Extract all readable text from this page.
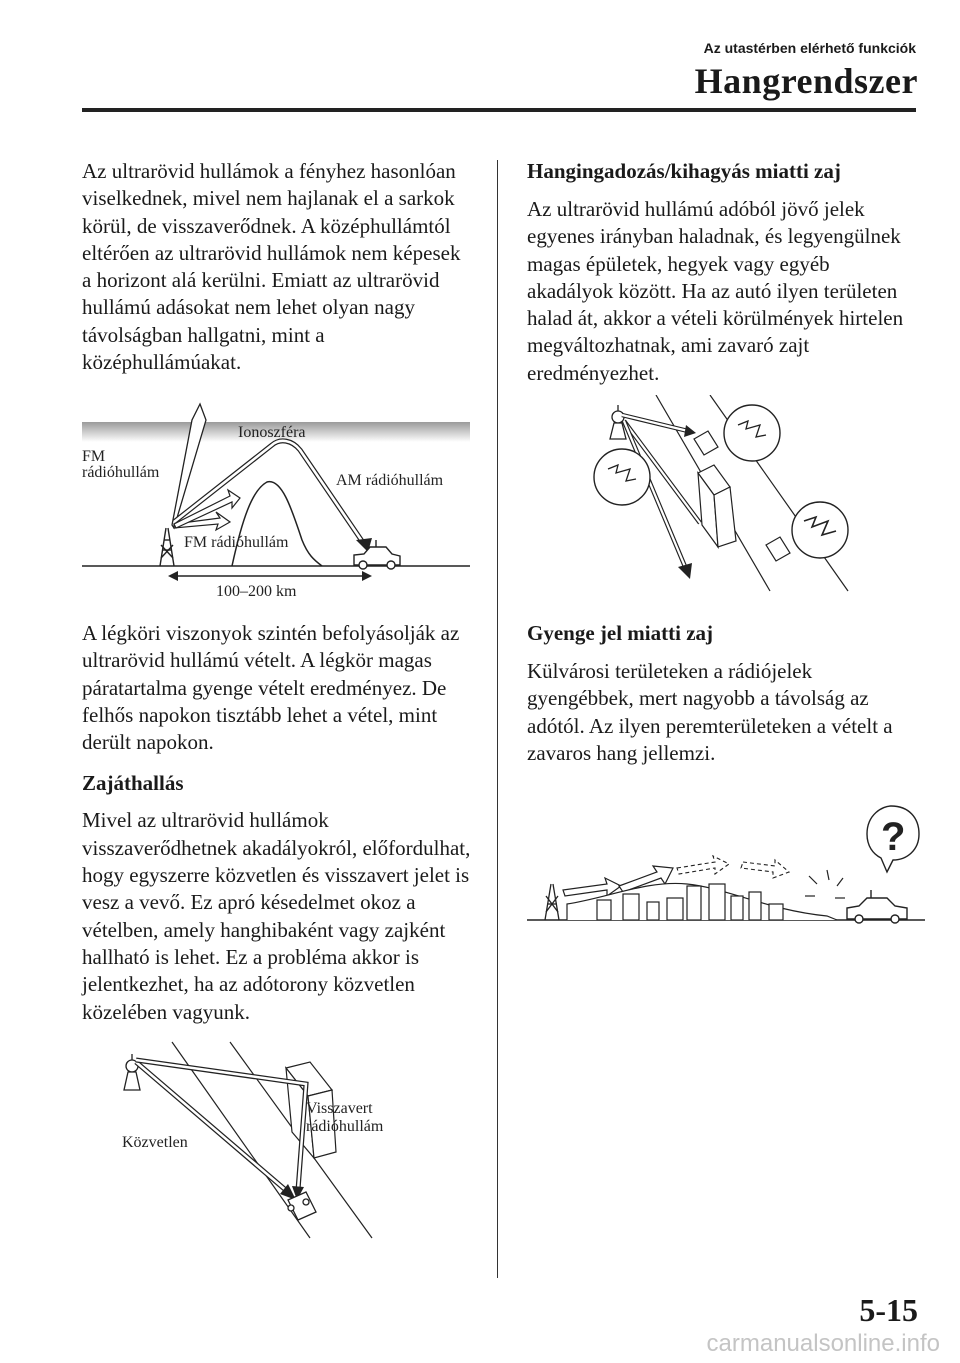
Az utastérben elérhető funkciók
Hangrendszer

Az ultrarövid hullámok a fényhez hasonlóan viselkednek, mivel nem hajlanak el a sarkok körül, de visszaverődnek. A középhullámtól eltérően az ultrarövid hullámok nem képesek a horizont alá kerülni. Emiatt az ultrarövid hullámú adásokat nem lehet olyan nagy távolságban hallgatni, mint a középhullámúakat.

Ionoszféra
FM
rádióhullám	AM rádióhullám
FM rádióhullám
100–200 km

A légköri viszonyok szintén befolyásolják az ultrarövid hullámú vételt. A légkör magas páratartalma gyenge vételt eredményez. De felhős napokon tisztább lehet a vétel, mint derült napokon.

Zajáthallás

Mivel az ultrarövid hullámok visszaverődhetnek akadályokról, előfordulhat, hogy egyszerre közvetlen és visszavert jelet is vesz a vevő. Ez apró késedelmet okoz a vételben, amely hanghibaként vagy zajként hallható is lehet. Ez a probléma akkor is jelentkezhet, ha az adótorony közvetlen közelében vagyunk.

Közvetlen
Visszavert
rádióhullám

Hangingadozás/kihagyás miatti zaj

Az ultrarövid hullámú adóból jövő jelek egyenes irányban haladnak, és legyengülnek magas épületek, hegyek vagy egyéb akadályok között. Ha az autó ilyen területen halad át, akkor a vételi körülmények hirtelen megváltozhatnak, ami zavaró zajt eredményezhet.

Gyenge jel miatti zaj

Külvárosi területeken a rádiójelek gyengébbek, mert nagyobb a távolság az adótól. Az ilyen peremterületeken a vételt a zavaros hang jellemzi.

?
5-15
carmanualsonline.info
